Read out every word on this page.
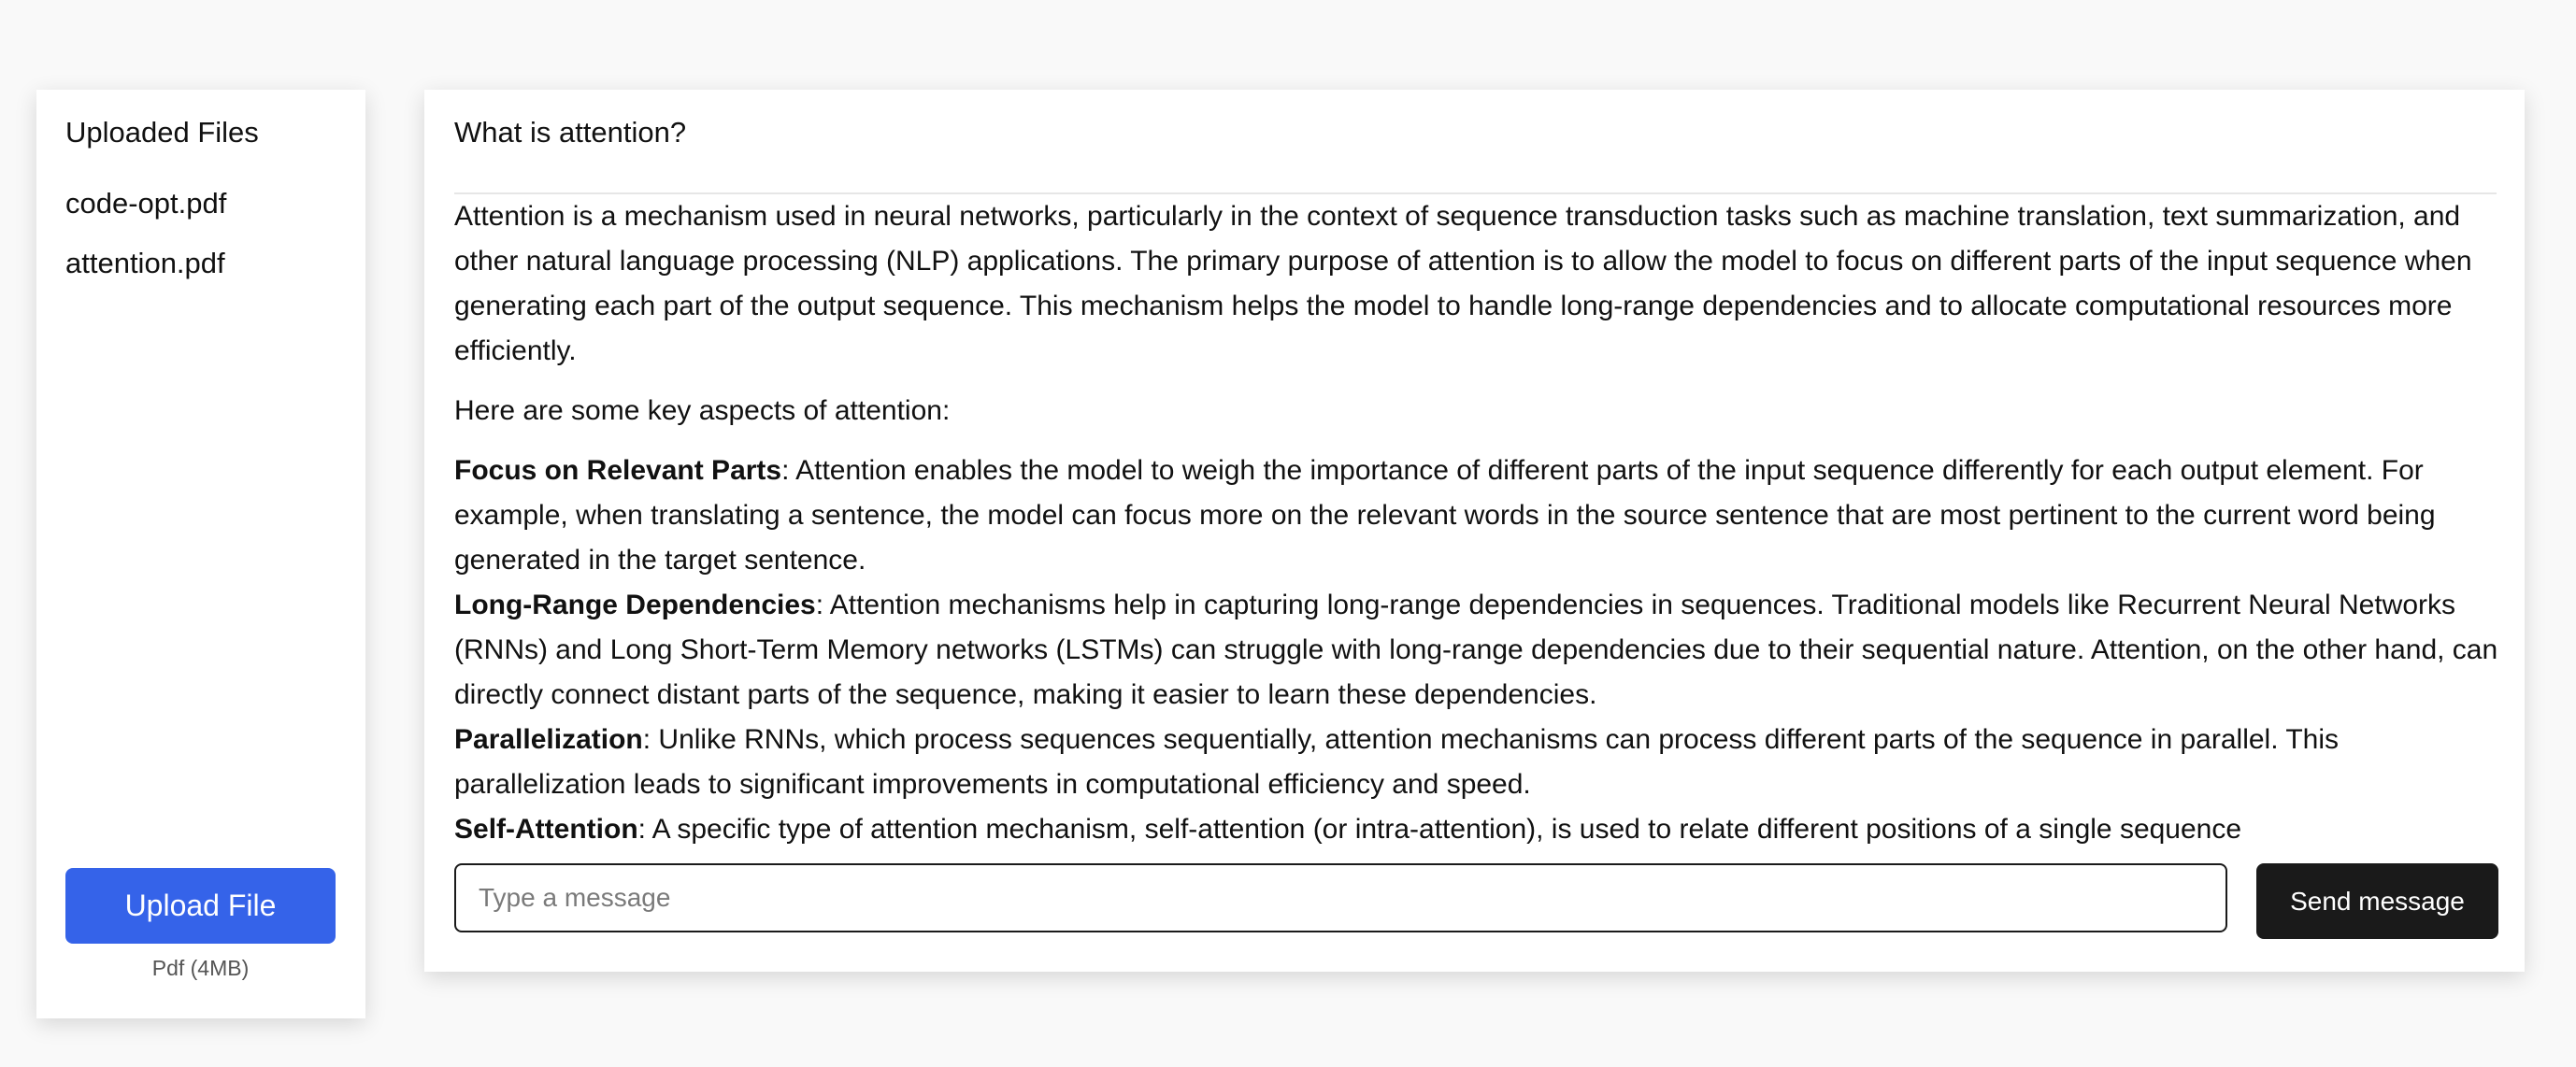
Uploaded Files
code-opt.pdf
attention.pdf
Upload File
Pdf (4MB)
What is attention?

Attention is a mechanism used in neural networks, particularly in the context of sequence transduction tasks such as machine translation, text summarization, and other natural language processing (NLP) applications. The primary purpose of attention is to allow the model to focus on different parts of the input sequence when generating each part of the output sequence. This mechanism helps the model to handle long-range dependencies and to allocate computational resources more efficiently.

Here are some key aspects of attention:

Focus on Relevant Parts: Attention enables the model to weigh the importance of different parts of the input sequence differently for each output element. For example, when translating a sentence, the model can focus more on the relevant words in the source sentence that are most pertinent to the current word being generated in the target sentence.

Long-Range Dependencies: Attention mechanisms help in capturing long-range dependencies in sequences. Traditional models like Recurrent Neural Networks (RNNs) and Long Short-Term Memory networks (LSTMs) can struggle with long-range dependencies due to their sequential nature. Attention, on the other hand, can directly connect distant parts of the sequence, making it easier to learn these dependencies.

Parallelization: Unlike RNNs, which process sequences sequentially, attention mechanisms can process different parts of the sequence in parallel. This parallelization leads to significant improvements in computational efficiency and speed.

Self-Attention: A specific type of attention mechanism, self-attention (or intra-attention), is used to relate different positions of a single sequence

Type a message
Send message
